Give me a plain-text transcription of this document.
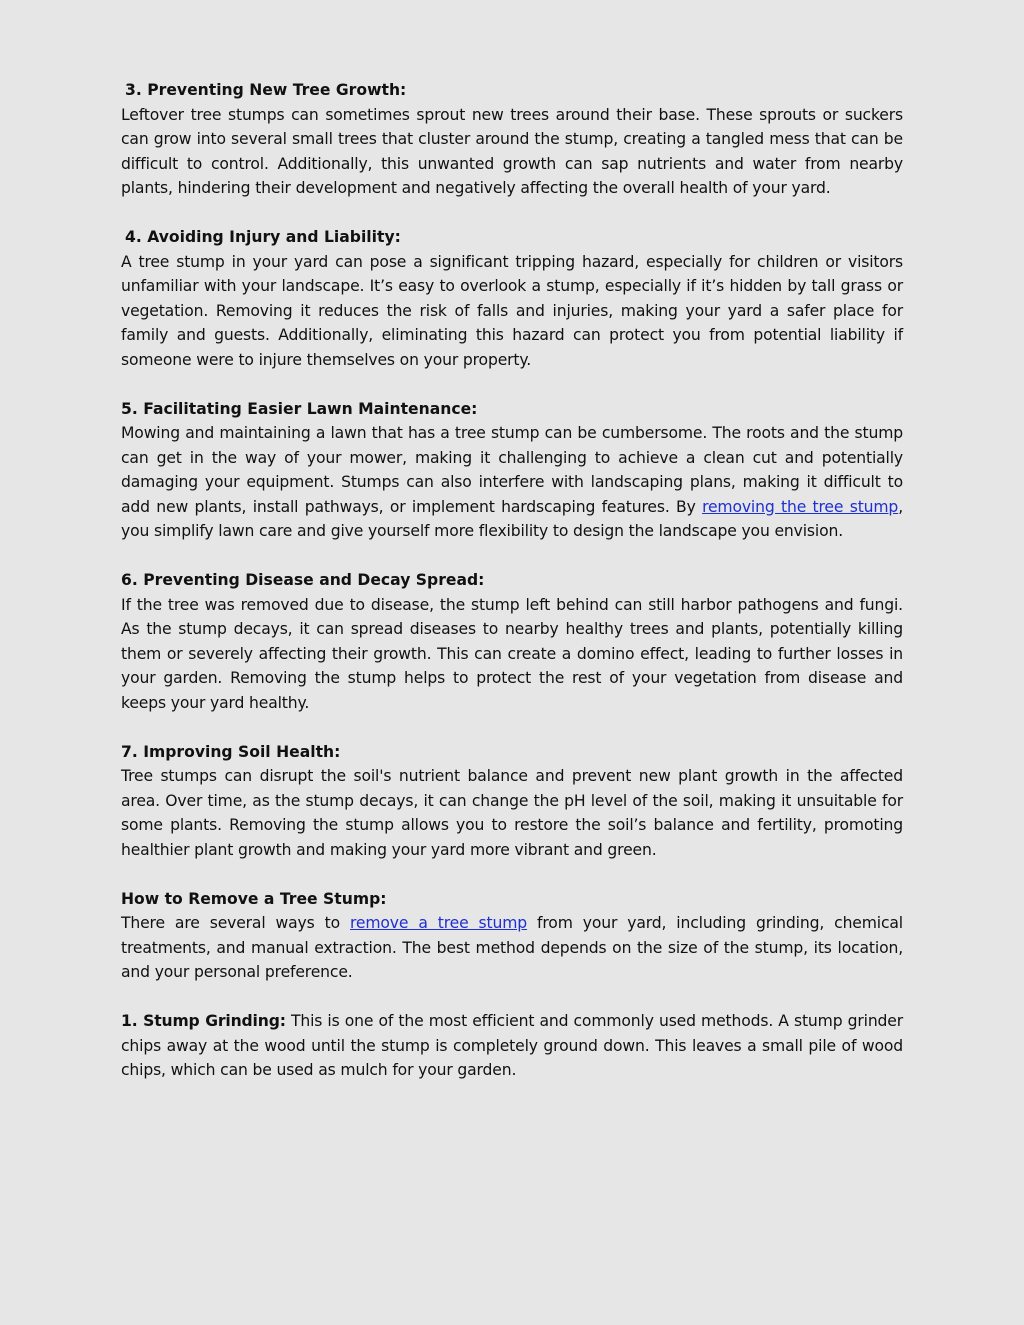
3. Preventing New Tree Growth:

Leftover tree stumps can sometimes sprout new trees around their base. These sprouts or suckers can grow into several small trees that cluster around the stump, creating a tangled mess that can be difficult to control. Additionally, this unwanted growth can sap nutrients and water from nearby plants, hindering their development and negatively affecting the overall health of your yard.

4. Avoiding Injury and Liability:

A tree stump in your yard can pose a significant tripping hazard, especially for children or visitors unfamiliar with your landscape. It’s easy to overlook a stump, especially if it’s hidden by tall grass or vegetation. Removing it reduces the risk of falls and injuries, making your yard a safer place for family and guests. Additionally, eliminating this hazard can protect you from potential liability if someone were to injure themselves on your property.

5. Facilitating Easier Lawn Maintenance:

Mowing and maintaining a lawn that has a tree stump can be cumbersome. The roots and the stump can get in the way of your mower, making it challenging to achieve a clean cut and potentially damaging your equipment. Stumps can also interfere with landscaping plans, making it difficult to add new plants, install pathways, or implement hardscaping features. By removing the tree stump, you simplify lawn care and give yourself more flexibility to design the landscape you envision.

6. Preventing Disease and Decay Spread:

If the tree was removed due to disease, the stump left behind can still harbor pathogens and fungi. As the stump decays, it can spread diseases to nearby healthy trees and plants, potentially killing them or severely affecting their growth. This can create a domino effect, leading to further losses in your garden. Removing the stump helps to protect the rest of your vegetation from disease and keeps your yard healthy.

7. Improving Soil Health:

Tree stumps can disrupt the soil's nutrient balance and prevent new plant growth in the affected area. Over time, as the stump decays, it can change the pH level of the soil, making it unsuitable for some plants. Removing the stump allows you to restore the soil’s balance and fertility, promoting healthier plant growth and making your yard more vibrant and green.

How to Remove a Tree Stump:

There are several ways to remove a tree stump from your yard, including grinding, chemical treatments, and manual extraction. The best method depends on the size of the stump, its location, and your personal preference.

1. Stump Grinding: This is one of the most efficient and commonly used methods. A stump grinder chips away at the wood until the stump is completely ground down. This leaves a small pile of wood chips, which can be used as mulch for your garden.
